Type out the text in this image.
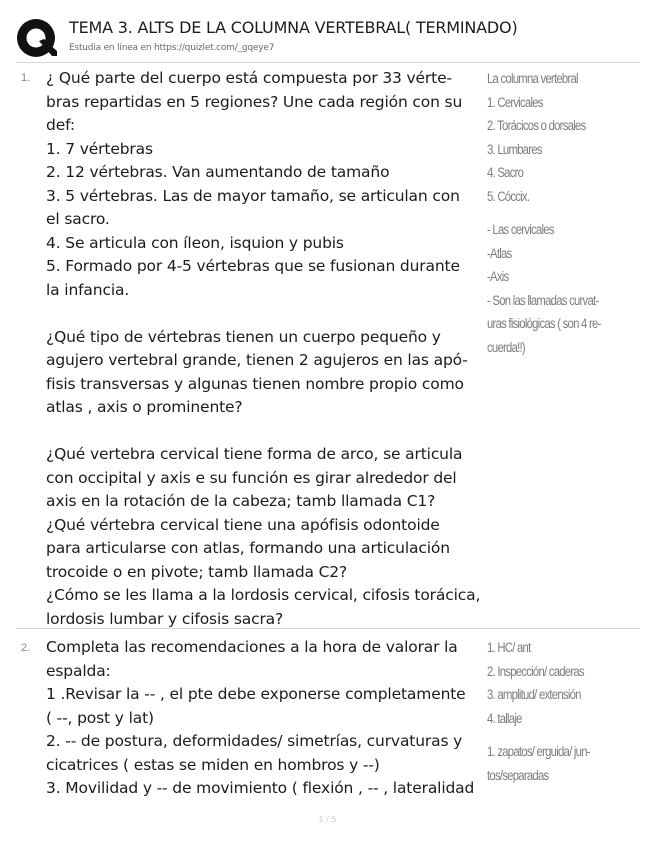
TEMA 3. ALTS DE LA COLUMNA VERTEBRAL( TERMINADO)
Estudia en línea en https://quizlet.com/_gqeye7
1. ¿ Qué parte del cuerpo está compuesta por 33 vérte-

bras repartidas en 5 regiones? Une cada región con su

def:

1. 7 vértebras

2. 12 vértebras. Van aumentando de tamaño

3. 5 vértebras. Las de mayor tamaño, se articulan con

el sacro.

4. Se articula con íleon, isquion y pubis

5. Formado por 4-5 vértebras que se fusionan durante

la infancia.

¿Qué tipo de vértebras tienen un cuerpo pequeño y

agujero vertebral grande, tienen 2 agujeros en las apó-

fisis transversas y algunas tienen nombre propio como

atlas , axis o prominente?

¿Qué vertebra cervical tiene forma de arco, se articula

con occipital y axis e su función es girar alrededor del

axis en la rotación de la cabeza; tamb llamada C1?

¿Qué vértebra cervical tiene una apófisis odontoide

para articularse con atlas, formando una articulación

trocoide o en pivote; tamb llamada C2?

¿Cómo se les llama a la lordosis cervical, cifosis torácica,

lordosis lumbar y cifosis sacra?

La columna vertebral

1. Cervicales

2. Torácicos o dorsales

3. Lumbares

4. Sacro

5. Cóccix.

- Las cervicales

-Atlas

-Axis

- Son las llamadas curvat-

uras fisiológicas ( son 4 re-

cuerda!!)

2. Completa las recomendaciones a la hora de valorar la

espalda:

1 .Revisar la -- , el pte debe exponerse completamente

( --, post y lat)

2. -- de postura, deformidades/ simetrías, curvaturas y

cicatrices ( estas se miden en hombros y --)

3. Movilidad y -- de movimiento ( flexión , -- , lateralidad

1. HC/ ant

2. Inspección/ caderas

3. amplitud/ extensión

4. tallaje

1. zapatos/ erguida/ jun-

tos/separadas

1 / 5
